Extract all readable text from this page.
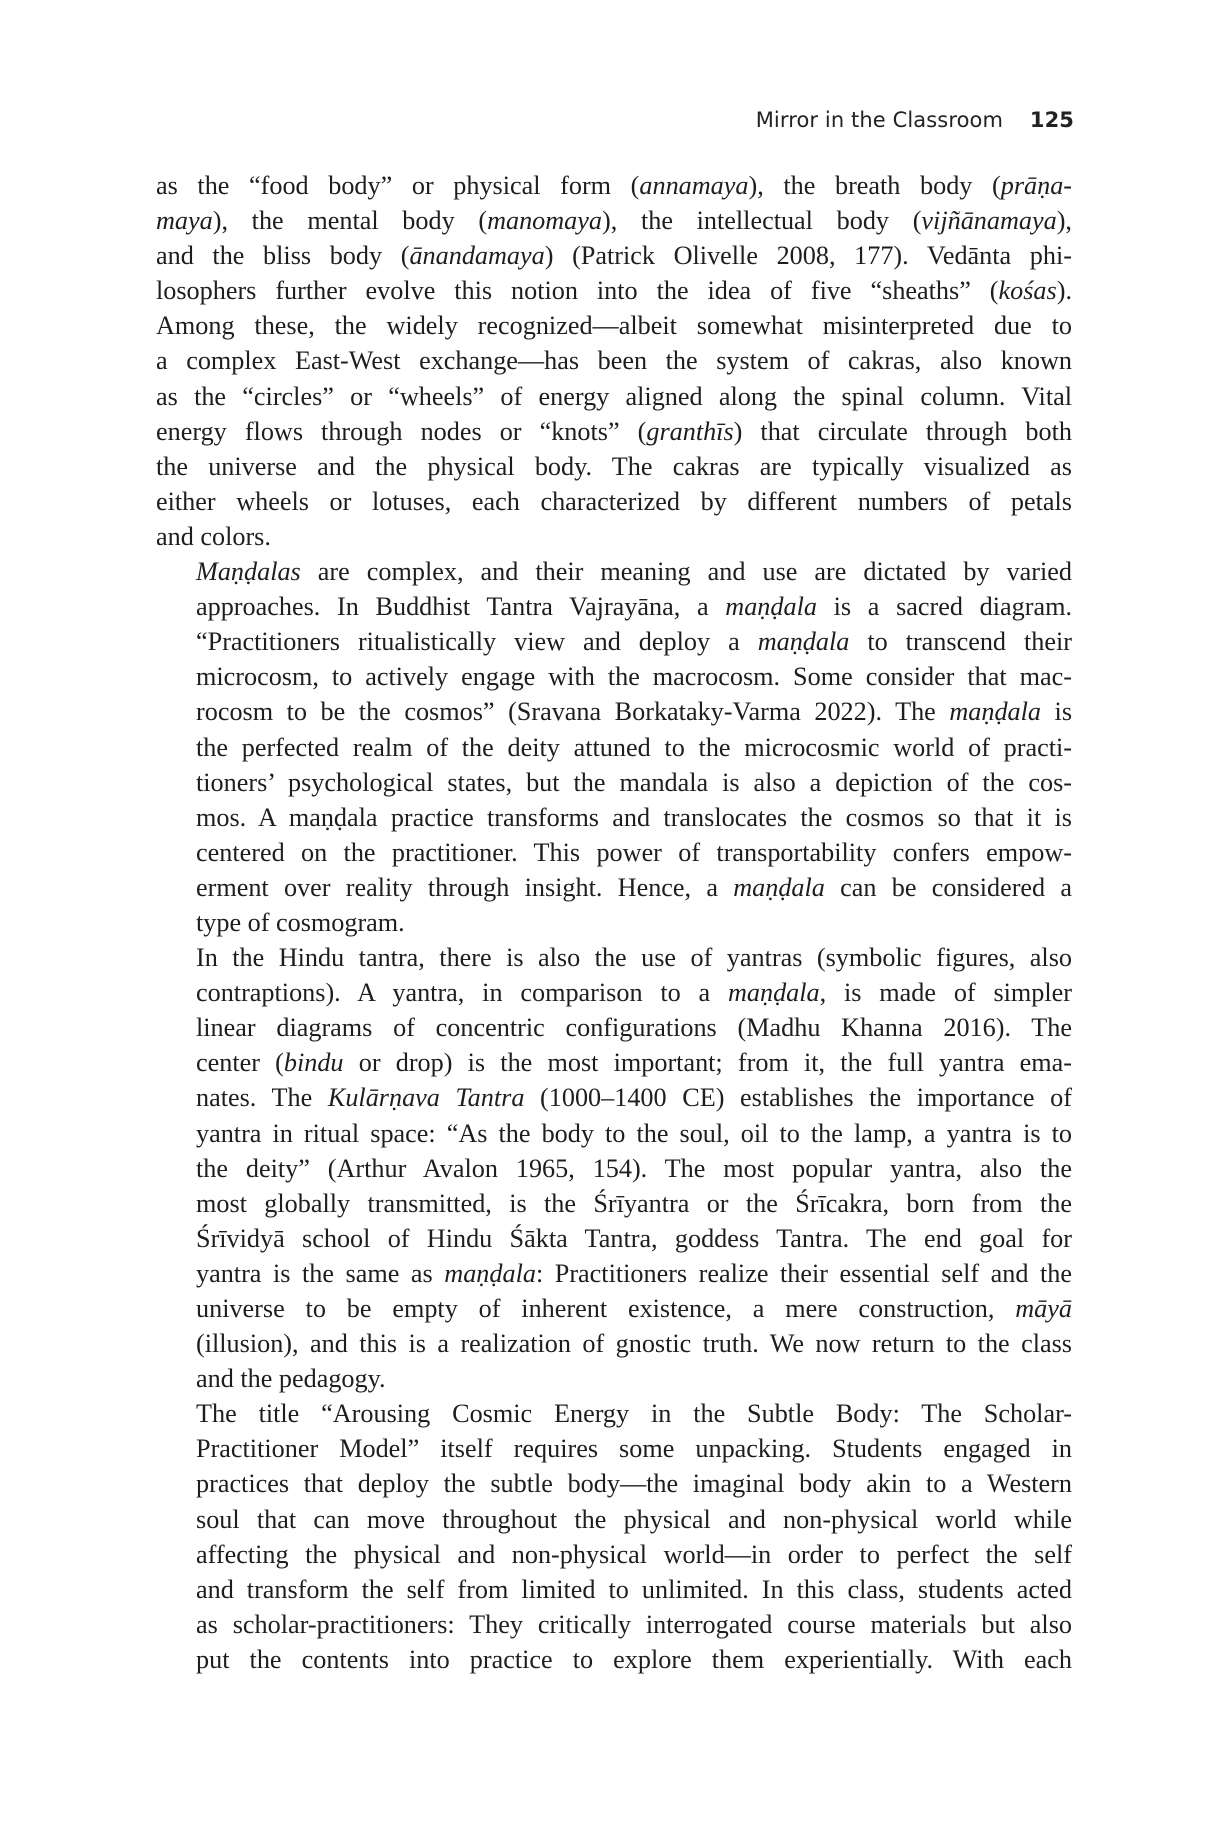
Mirror in the Classroom 125

as the “food body” or physical form (annamaya), the breath body (prāṇa-
maya), the mental body (manomaya), the intellectual body (vijñānamaya),
and the bliss body (ānandamaya) (Patrick Olivelle 2008, 177). Vedānta phi-
losophers further evolve this notion into the idea of five “sheaths” (kośas).
Among these, the widely recognized—albeit somewhat misinterpreted due to
a complex East-West exchange—has been the system of cakras, also known
as the “circles” or “wheels” of energy aligned along the spinal column. Vital
energy flows through nodes or “knots” (granthīs) that circulate through both
the universe and the physical body. The cakras are typically visualized as
either wheels or lotuses, each characterized by different numbers of petals
and colors.

Maṇḍalas are complex, and their meaning and use are dictated by varied
approaches. In Buddhist Tantra Vajrayāna, a maṇḍala is a sacred diagram.
“Practitioners ritualistically view and deploy a maṇḍala to transcend their
microcosm, to actively engage with the macrocosm. Some consider that mac-
rocosm to be the cosmos” (Sravana Borkataky-Varma 2022). The maṇḍala is
the perfected realm of the deity attuned to the microcosmic world of practi-
tioners’ psychological states, but the mandala is also a depiction of the cos-
mos. A maṇḍala practice transforms and translocates the cosmos so that it is
centered on the practitioner. This power of transportability confers empow-
erment over reality through insight. Hence, a maṇḍala can be considered a
type of cosmogram.

In the Hindu tantra, there is also the use of yantras (symbolic figures, also
contraptions). A yantra, in comparison to a maṇḍala, is made of simpler
linear diagrams of concentric configurations (Madhu Khanna 2016). The
center (bindu or drop) is the most important; from it, the full yantra ema-
nates. The Kulārṇava Tantra (1000–1400 CE) establishes the importance of
yantra in ritual space: “As the body to the soul, oil to the lamp, a yantra is to
the deity” (Arthur Avalon 1965, 154). The most popular yantra, also the
most globally transmitted, is the Śrīyantra or the Śrīcakra, born from the
Śrīvidyā school of Hindu Śākta Tantra, goddess Tantra. The end goal for
yantra is the same as maṇḍala: Practitioners realize their essential self and the
universe to be empty of inherent existence, a mere construction, māyā
(illusion), and this is a realization of gnostic truth. We now return to the class
and the pedagogy.

The title “Arousing Cosmic Energy in the Subtle Body: The Scholar-
Practitioner Model” itself requires some unpacking. Students engaged in
practices that deploy the subtle body—the imaginal body akin to a Western
soul that can move throughout the physical and non-physical world while
affecting the physical and non-physical world—in order to perfect the self
and transform the self from limited to unlimited. In this class, students acted
as scholar-practitioners: They critically interrogated course materials but also
put the contents into practice to explore them experientially. With each
